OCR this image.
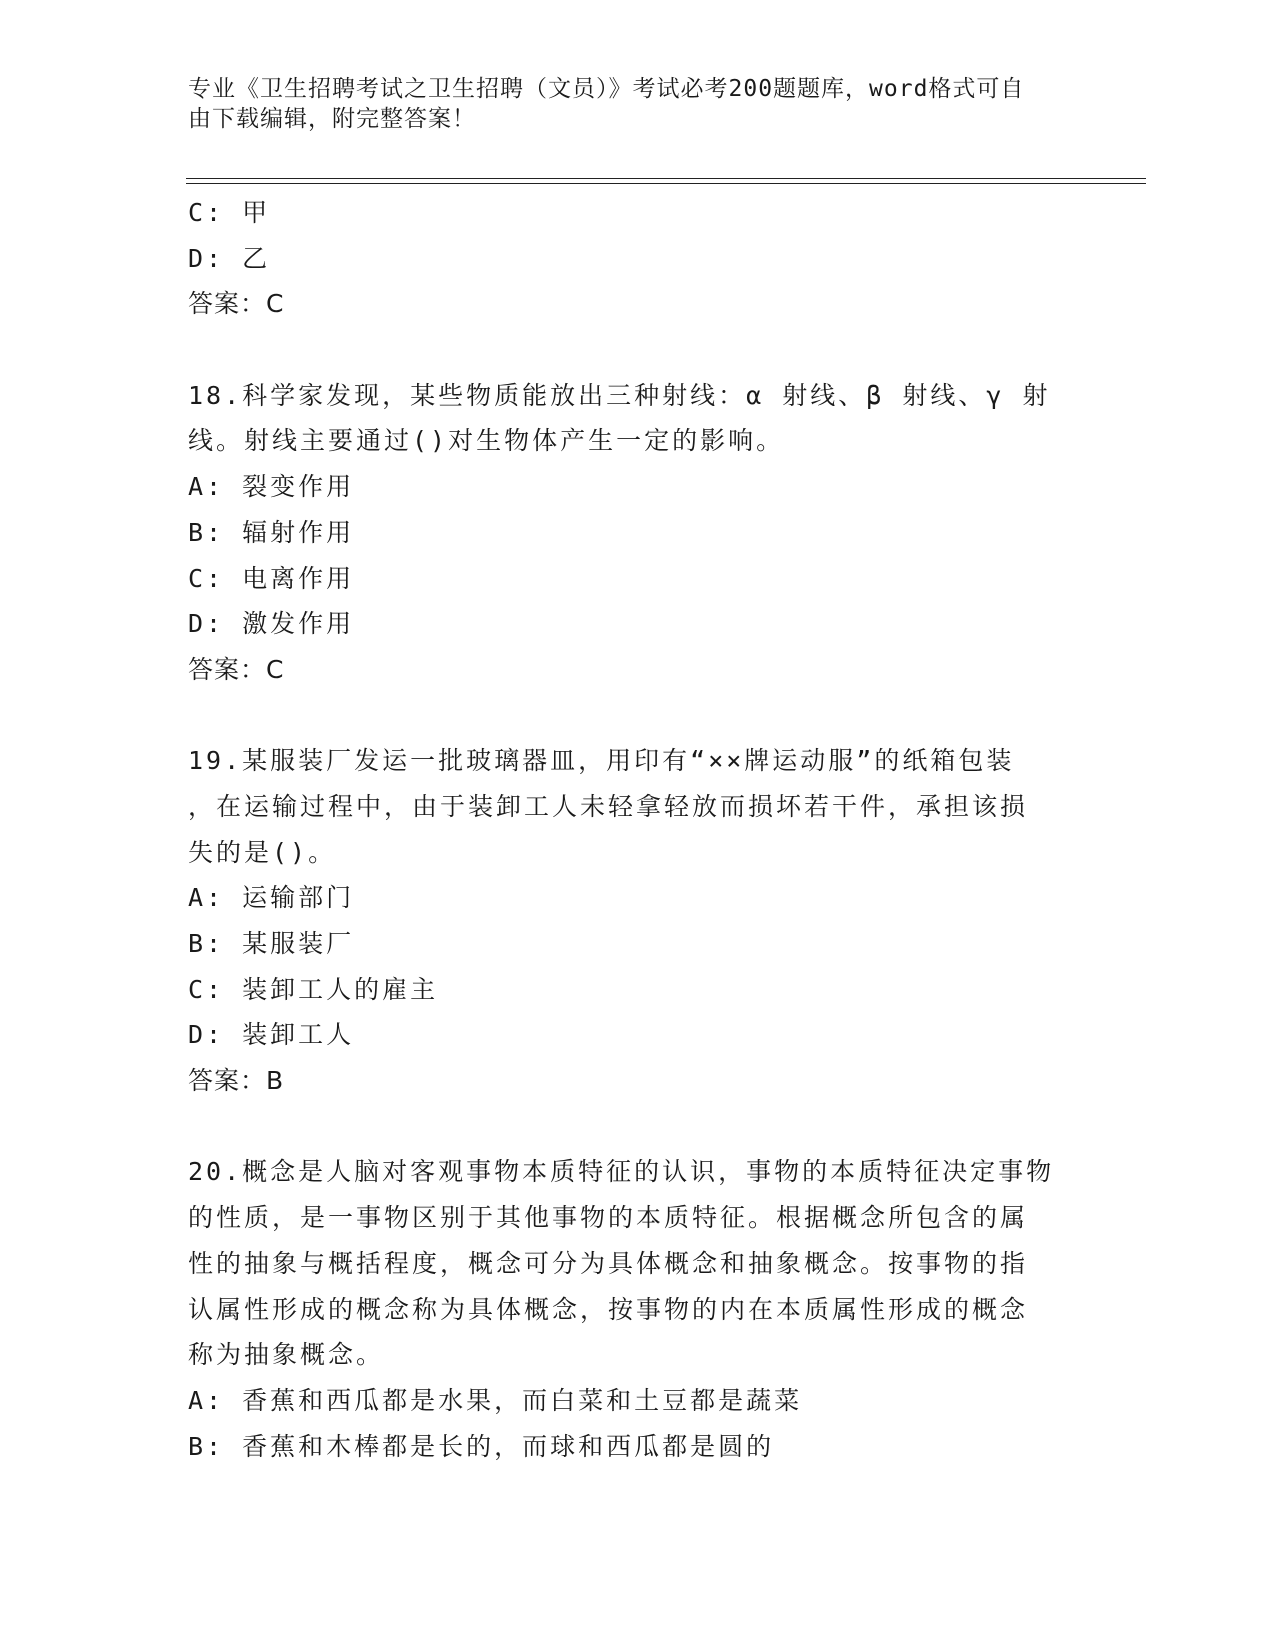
专业《卫生招聘考试之卫生招聘（文员）》考试必考200题题库，word格式可自
由下载编辑，附完整答案！
C: 甲
D: 乙
答案：C
18.科学家发现，某些物质能放出三种射线：α 射线、β 射线、γ 射
线。射线主要通过()对生物体产生一定的影响。
A: 裂变作用
B: 辐射作用
C: 电离作用
D: 激发作用
答案：C
19.某服装厂发运一批玻璃器皿，用印有“××牌运动服”的纸箱包装
，在运输过程中，由于装卸工人未轻拿轻放而损坏若干件，承担该损
失的是()。
A: 运输部门
B: 某服装厂
C: 装卸工人的雇主
D: 装卸工人
答案：B
20.概念是人脑对客观事物本质特征的认识，事物的本质特征决定事物
的性质，是一事物区别于其他事物的本质特征。根据概念所包含的属
性的抽象与概括程度，概念可分为具体概念和抽象概念。按事物的指
认属性形成的概念称为具体概念，按事物的内在本质属性形成的概念
称为抽象概念。
A: 香蕉和西瓜都是水果，而白菜和土豆都是蔬菜
B: 香蕉和木棒都是长的，而球和西瓜都是圆的
